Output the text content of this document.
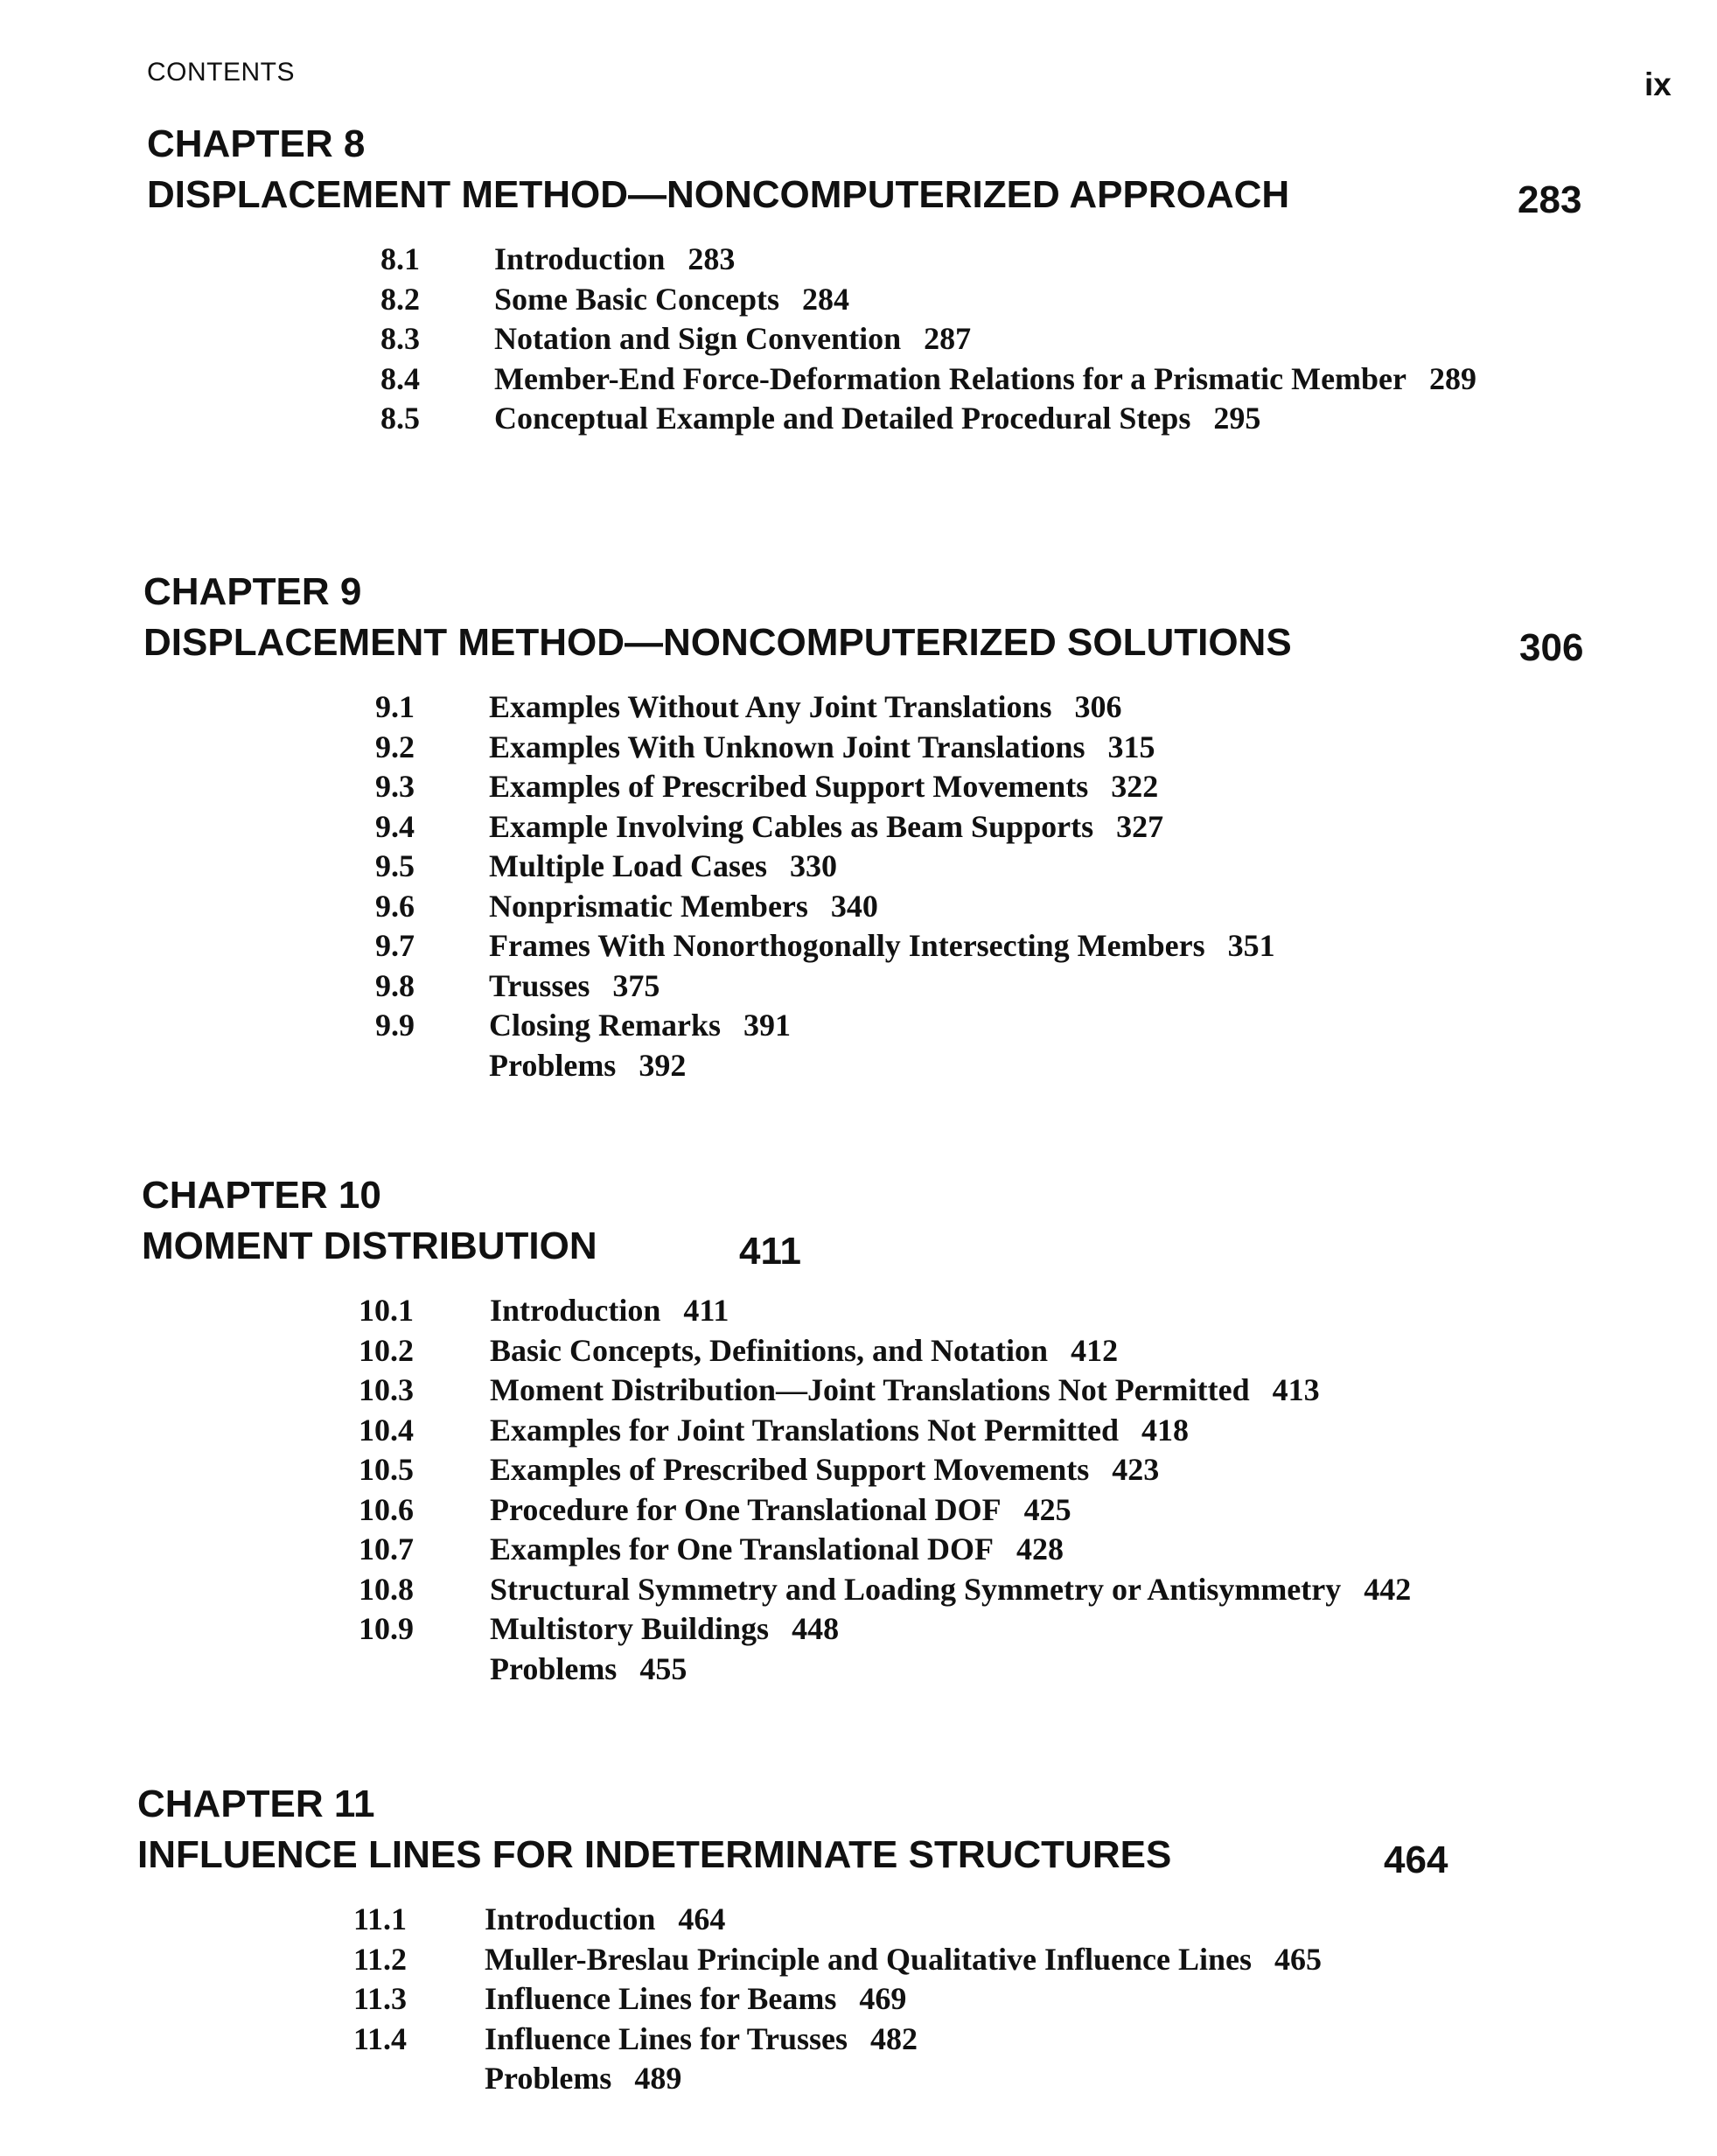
CONTENTS	ix
CHAPTER 8
DISPLACEMENT METHOD—NONCOMPUTERIZED APPROACH	283
8.1 Introduction 283
8.2 Some Basic Concepts 284
8.3 Notation and Sign Convention 287
8.4 Member-End Force-Deformation Relations for a Prismatic Member 289
8.5 Conceptual Example and Detailed Procedural Steps 295
CHAPTER 9
DISPLACEMENT METHOD—NONCOMPUTERIZED SOLUTIONS	306
9.1 Examples Without Any Joint Translations 306
9.2 Examples With Unknown Joint Translations 315
9.3 Examples of Prescribed Support Movements 322
9.4 Example Involving Cables as Beam Supports 327
9.5 Multiple Load Cases 330
9.6 Nonprismatic Members 340
9.7 Frames With Nonorthogonally Intersecting Members 351
9.8 Trusses 375
9.9 Closing Remarks 391
Problems 392
CHAPTER 10
MOMENT DISTRIBUTION	411
10.1 Introduction 411
10.2 Basic Concepts, Definitions, and Notation 412
10.3 Moment Distribution—Joint Translations Not Permitted 413
10.4 Examples for Joint Translations Not Permitted 418
10.5 Examples of Prescribed Support Movements 423
10.6 Procedure for One Translational DOF 425
10.7 Examples for One Translational DOF 428
10.8 Structural Symmetry and Loading Symmetry or Antisymmetry 442
10.9 Multistory Buildings 448
Problems 455
CHAPTER 11
INFLUENCE LINES FOR INDETERMINATE STRUCTURES	464
11.1 Introduction 464
11.2 Muller-Breslau Principle and Qualitative Influence Lines 465
11.3 Influence Lines for Beams 469
11.4 Influence Lines for Trusses 482
Problems 489
